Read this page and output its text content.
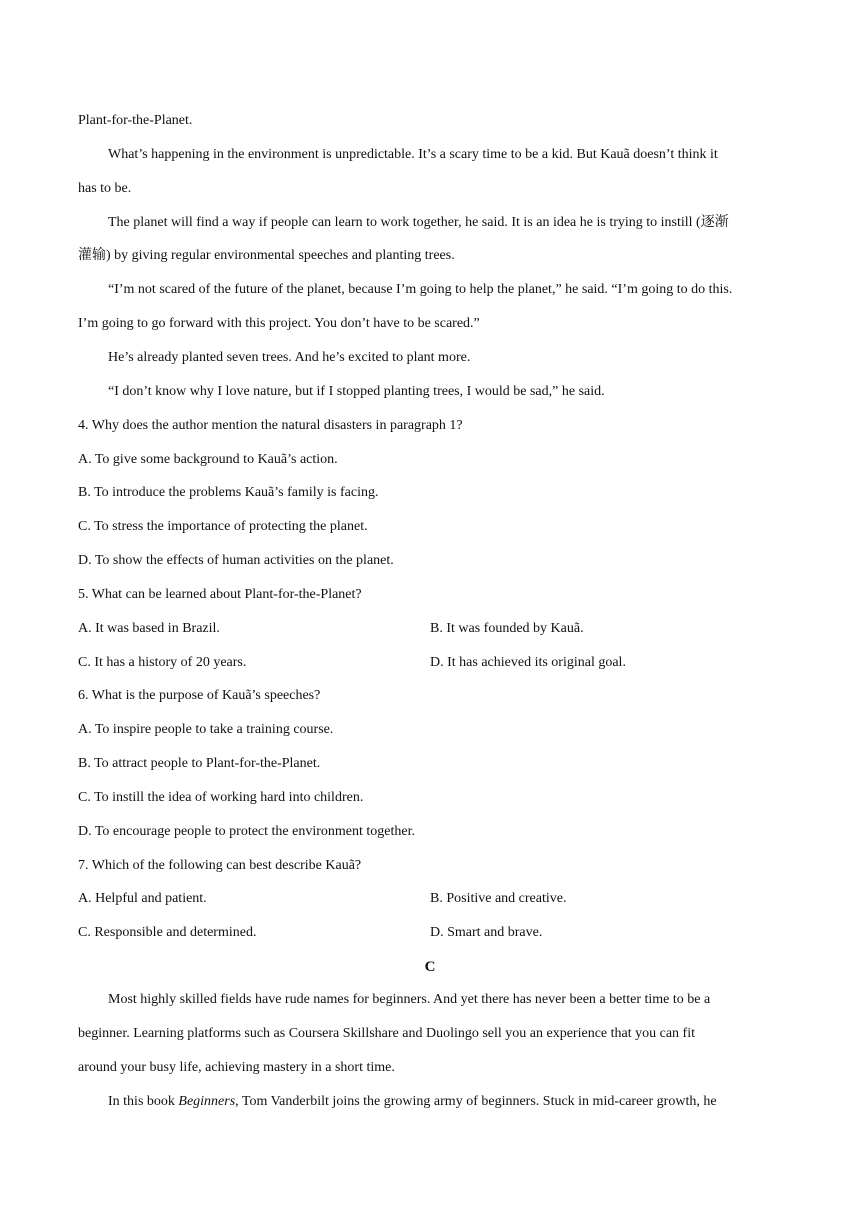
Plant-for-the-Planet.
What’s happening in the environment is unpredictable. It’s a scary time to be a kid. But Kauã doesn’t think it
has to be.
The planet will find a way if people can learn to work together, he said. It is an idea he is trying to instill (逐渐
灌输) by giving regular environmental speeches and planting trees.
“I’m not scared of the future of the planet, because I’m going to help the planet,” he said. “I’m going to do this.
I’m going to go forward with this project. You don’t have to be scared.”
He’s already planted seven trees. And he’s excited to plant more.
“I don’t know why I love nature, but if I stopped planting trees, I would be sad,” he said.
4. Why does the author mention the natural disasters in paragraph 1?
A. To give some background to Kauã’s action.
B. To introduce the problems Kauã’s family is facing.
C. To stress the importance of protecting the planet.
D. To show the effects of human activities on the planet.
5. What can be learned about Plant-for-the-Planet?
A. It was based in Brazil.	B. It was founded by Kauã.
C. It has a history of 20 years.	D. It has achieved its original goal.
6. What is the purpose of Kauã’s speeches?
A. To inspire people to take a training course.
B. To attract people to Plant-for-the-Planet.
C. To instill the idea of working hard into children.
D. To encourage people to protect the environment together.
7. Which of the following can best describe Kauã?
A. Helpful and patient.	B. Positive and creative.
C. Responsible and determined.	D. Smart and brave.
C
Most highly skilled fields have rude names for beginners. And yet there has never been a better time to be a
beginner. Learning platforms such as Coursera Skillshare and Duolingo sell you an experience that you can fit
around your busy life, achieving mastery in a short time.
In this book Beginners, Tom Vanderbilt joins the growing army of beginners. Stuck in mid-career growth, he
